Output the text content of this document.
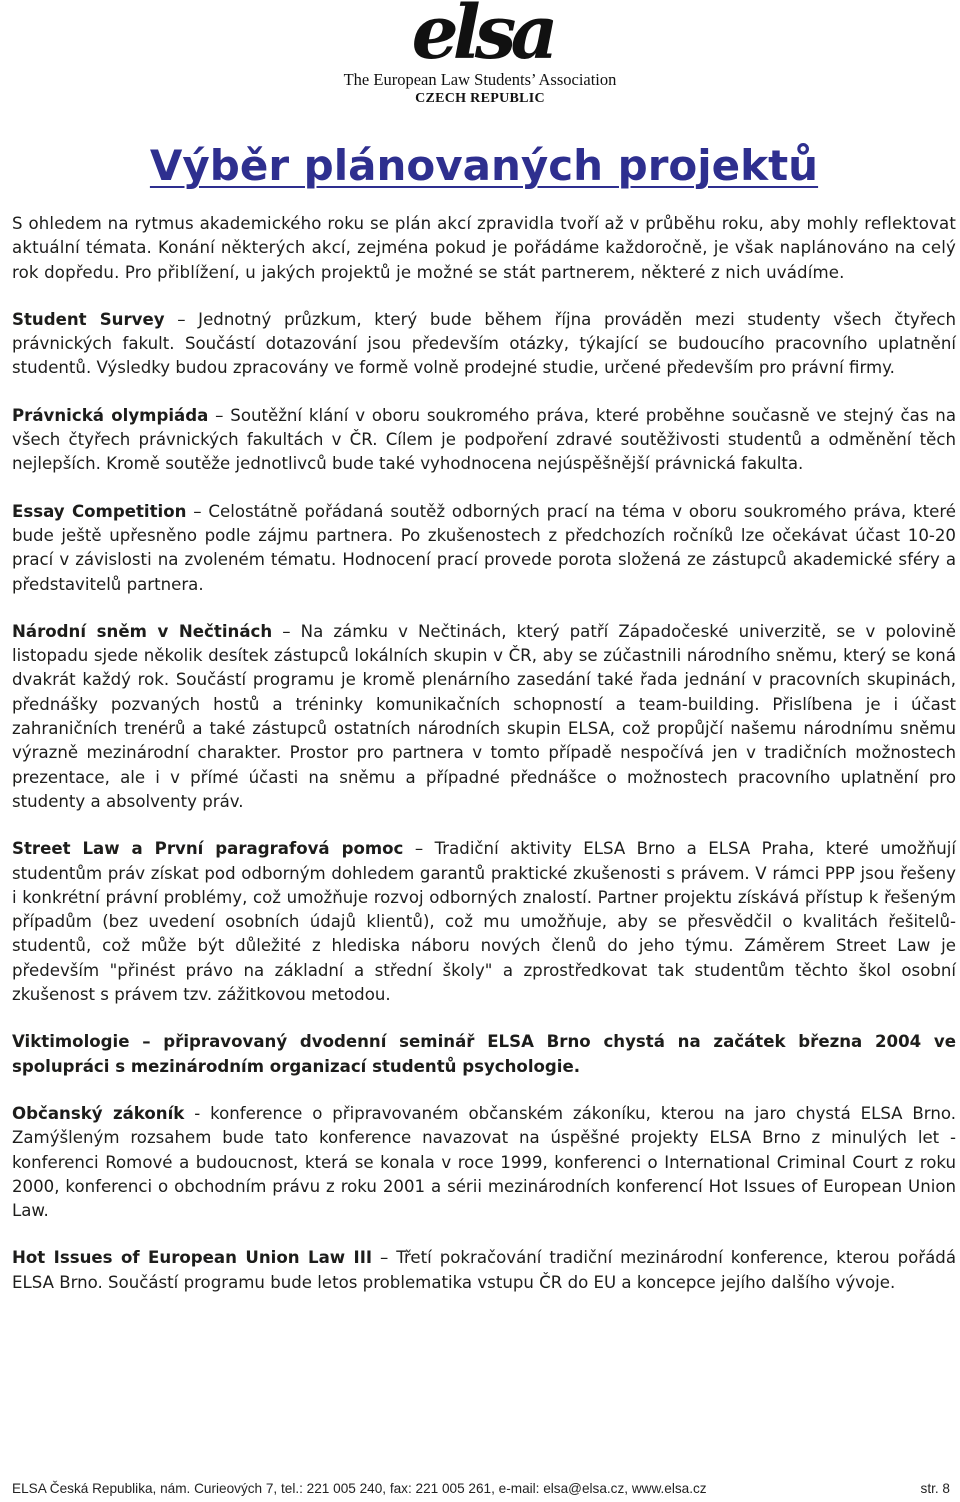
elsa
The European Law Students’ Association
CZECH REPUBLIC
Výběr plánovaných projektů

S ohledem na rytmus akademického roku se plán akcí zpravidla tvoří až v průběhu roku, aby mohly reflektovat aktuální témata. Konání některých akcí, zejména pokud je pořádáme každoročně, je však naplánováno na celý rok dopředu. Pro přiblížení, u jakých projektů je možné se stát partnerem, některé z nich uvádíme.

Student Survey – Jednotný průzkum, který bude během října prováděn mezi studenty všech čtyřech právnických fakult. Součástí dotazování jsou především otázky, týkající se budoucího pracovního uplatnění studentů. Výsledky budou zpracovány ve formě volně prodejné studie, určené především pro právní firmy.

Právnická olympiáda – Soutěžní klání v oboru soukromého práva, které proběhne současně ve stejný čas na všech čtyřech právnických fakultách v ČR. Cílem je podpoření zdravé soutěživosti studentů a odměnění těch nejlepších. Kromě soutěže jednotlivců bude také vyhodnocena nejúspěšnější právnická fakulta.

Essay Competition – Celostátně pořádaná soutěž odborných prací na téma v oboru soukromého práva, které bude ještě upřesněno podle zájmu partnera. Po zkušenostech z předchozích ročníků lze očekávat účast 10-20 prací v závislosti na zvoleném tématu. Hodnocení prací provede porota složená ze zástupců akademické sféry a představitelů partnera.

Národní sněm v Nečtinách – Na zámku v Nečtinách, který patří Západočeské univerzitě, se v polovině listopadu sjede několik desítek zástupců lokálních skupin v ČR, aby se zúčastnili národního sněmu, který se koná dvakrát každý rok. Součástí programu je kromě plenárního zasedání také řada jednání v pracovních skupinách, přednášky pozvaných hostů a tréninky komunikačních schopností a team-building. Přislíbena je i účast zahraničních trenérů a také zástupců ostatních národních skupin ELSA, což propůjčí našemu národnímu sněmu výrazně mezinárodní charakter. Prostor pro partnera v tomto případě nespočívá jen v tradičních možnostech prezentace, ale i v přímé účasti na sněmu a případné přednášce o možnostech pracovního uplatnění pro studenty a absolventy práv.

Street Law a První paragrafová pomoc – Tradiční aktivity ELSA Brno a ELSA Praha, které umožňují studentům práv získat pod odborným dohledem garantů praktické zkušenosti s právem. V rámci PPP jsou řešeny i konkrétní právní problémy, což umožňuje rozvoj odborných znalostí. Partner projektu získává přístup k řešeným případům (bez uvedení osobních údajů klientů), což mu umožňuje, aby se přesvědčil o kvalitách řešitelů-studentů, což může být důležité z hlediska náboru nových členů do jeho týmu. Záměrem Street Law je především "přinést právo na základní a střední školy" a zprostředkovat tak studentům těchto škol osobní zkušenost s právem tzv. zážitkovou metodou.

Viktimologie – připravovaný dvodenní seminář ELSA Brno chystá na začátek března 2004 ve spolupráci s mezinárodním organizací studentů psychologie.

Občanský zákoník - konference o připravovaném občanském zákoníku, kterou na jaro chystá ELSA Brno. Zamýšleným rozsahem bude tato konference navazovat na úspěšné projekty ELSA Brno z minulých let - konferenci Romové a budoucnost, která se konala v roce 1999, konferenci o International Criminal Court z roku 2000, konferenci o obchodním právu z roku 2001 a sérii mezinárodních konferencí Hot Issues of European Union Law.

Hot Issues of European Union Law III – Třetí pokračování tradiční mezinárodní konference, kterou pořádá ELSA Brno. Součástí programu bude letos problematika vstupu ČR do EU a koncepce jejího dalšího vývoje.

ELSA Česká Republika, nám. Curieových 7, tel.: 221 005 240, fax: 221 005 261, e-mail: elsa@elsa.cz, www.elsa.cz	str. 8
